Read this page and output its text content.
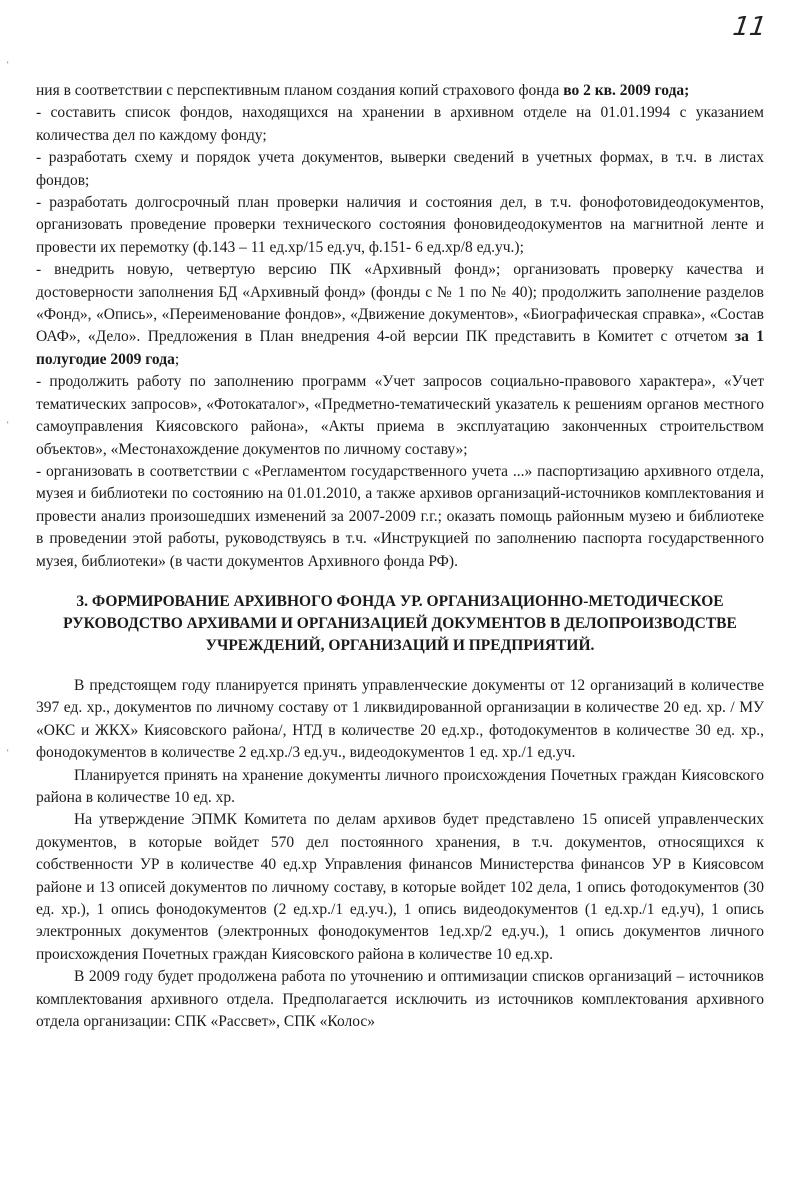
11
‘
‘
‘

ния в соответствии с перспективным планом создания копий страхового фонда во 2 кв. 2009 года;

- составить список фондов, находящихся на хранении в архивном отделе на 01.01.1994 с указанием количества дел по каждому фонду;

- разработать схему и порядок учета документов, выверки сведений в учетных формах, в т.ч. в листах фондов;

- разработать долгосрочный план проверки наличия и состояния дел, в т.ч. фонофотовидеодокументов, организовать проведение проверки технического состояния фоновидеодокументов на магнитной ленте и провести их перемотку (ф.143 – 11 ед.хр/15 ед.уч, ф.151- 6 ед.хр/8 ед.уч.);

- внедрить новую, четвертую версию ПК «Архивный фонд»; организовать проверку качества и достоверности заполнения БД «Архивный фонд» (фонды с № 1 по № 40); продолжить заполнение разделов «Фонд», «Опись», «Переименование фондов», «Движение документов», «Биографическая справка», «Состав ОАФ», «Дело». Предложения в План внедрения 4-ой версии ПК представить в Комитет с отчетом за 1 полугодие 2009 года;

- продолжить работу по заполнению программ «Учет запросов социально-правового характера», «Учет тематических запросов», «Фотокаталог», «Предметно-тематический указатель к решениям органов местного самоуправления Киясовского района», «Акты приема в эксплуатацию законченных строительством объектов», «Местонахождение документов по личному составу»;

- организовать в соответствии с «Регламентом государственного учета ...» паспортизацию архивного отдела, музея и библиотеки по состоянию на 01.01.2010, а также архивов организаций-источников комплектования и провести анализ произошедших изменений за 2007-2009 г.г.; оказать помощь районным музею и библиотеке в проведении этой работы, руководствуясь в т.ч. «Инструкцией по заполнению паспорта государственного музея, библиотеки» (в части документов Архивного фонда РФ).

3. ФОРМИРОВАНИЕ АРХИВНОГО ФОНДА УР. ОРГАНИЗАЦИОННО-МЕТОДИЧЕСКОЕ РУКОВОДСТВО АРХИВАМИ И ОРГАНИЗАЦИЕЙ ДОКУМЕНТОВ В ДЕЛОПРОИЗВОДСТВЕ УЧРЕЖДЕНИЙ, ОРГАНИЗАЦИЙ И ПРЕДПРИЯТИЙ.

В предстоящем году планируется принять управленческие документы от 12 организаций в количестве 397 ед. хр., документов по личному составу от 1 ликвидированной организации в количестве 20 ед. хр. / МУ «ОКС и ЖКХ» Киясовского района/, НТД в количестве 20 ед.хр., фотодокументов в количестве 30 ед. хр., фонодокументов в количестве 2 ед.хр./3 ед.уч., видеодокументов 1 ед. хр./1 ед.уч.

Планируется принять на хранение документы личного происхождения Почетных граждан Киясовского района в количестве 10 ед. хр.

На утверждение ЭПМК Комитета по делам архивов будет представлено 15 описей управленческих документов, в которые войдет 570 дел постоянного хранения, в т.ч. документов, относящихся к собственности УР в количестве 40 ед.хр Управления финансов Министерства финансов УР в Киясовсом районе и 13 описей документов по личному составу, в которые войдет 102 дела, 1 опись фотодокументов (30 ед. хр.), 1 опись фонодокументов (2 ед.хр./1 ед.уч.), 1 опись видеодокументов (1 ед.хр./1 ед.уч), 1 опись электронных документов (электронных фонодокументов 1ед.хр/2 ед.уч.), 1 опись документов личного происхождения Почетных граждан Киясовского района в количестве 10 ед.хр.

В 2009 году будет продолжена работа по уточнению и оптимизации списков организаций – источников комплектования архивного отдела. Предполагается исключить из источников комплектования архивного отдела организации: СПК «Рассвет», СПК «Колос»
